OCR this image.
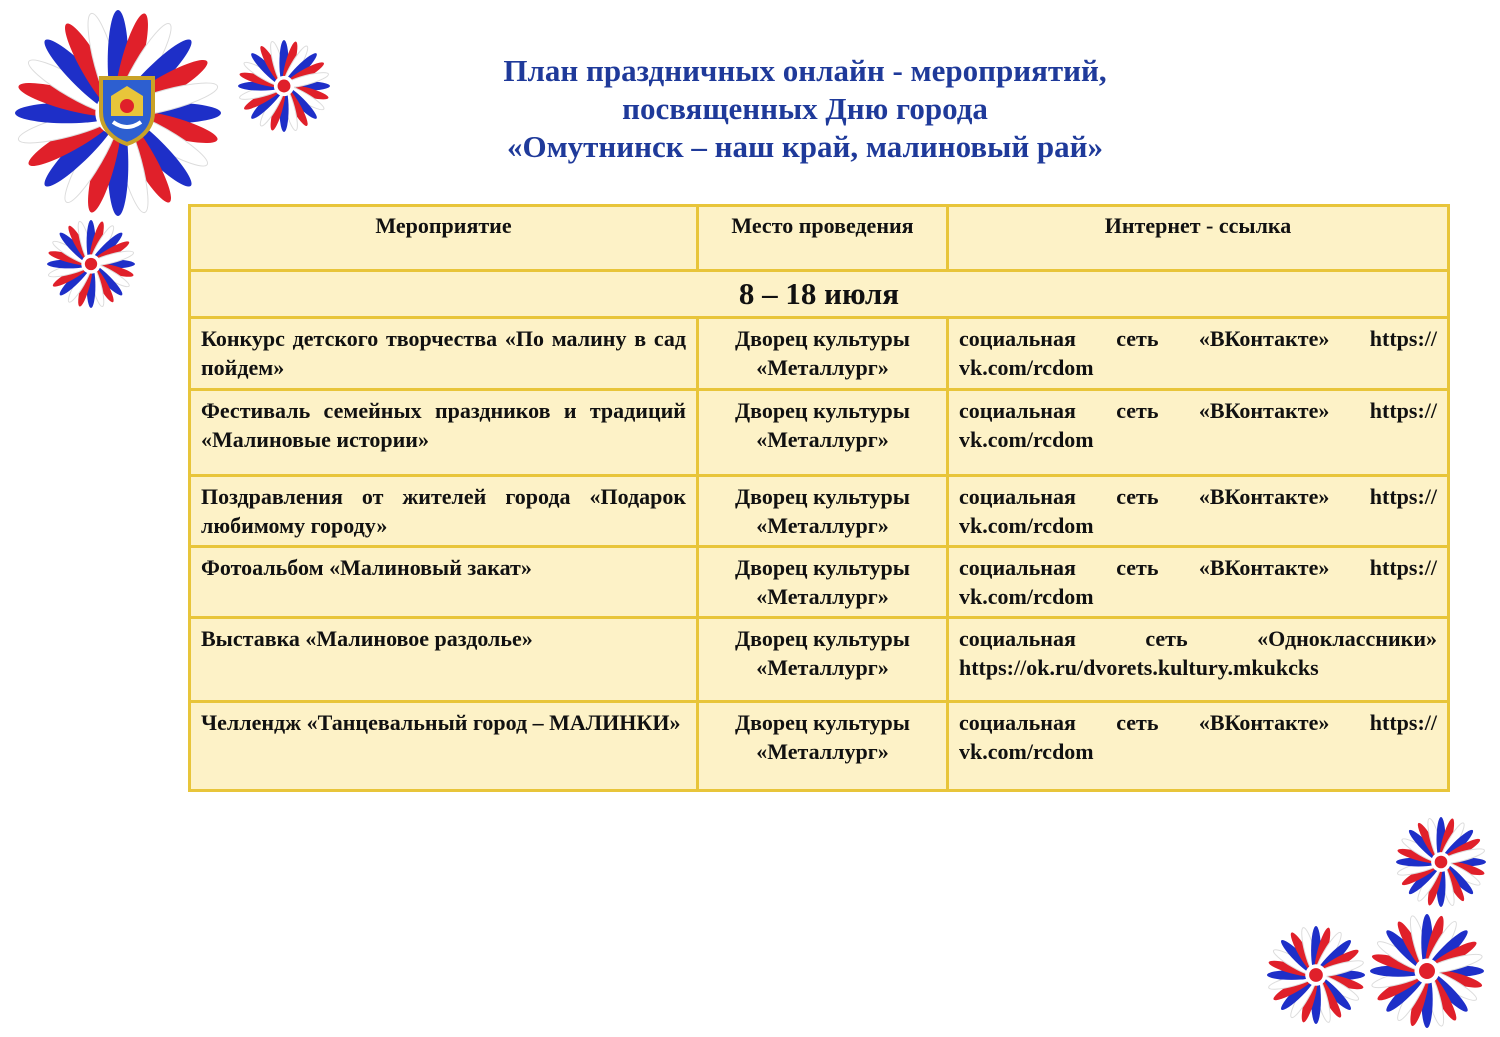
План праздничных онлайн - мероприятий,
посвященных Дню города
«Омутнинск – наш край, малиновый рай»
Мероприятие	Место проведения	Интернет - ссылка
8 – 18 июля		

Конкурс детского творчества «По малину в сад пойдем»	Дворец культуры «Металлург»	социальная сеть «ВКонтакте» https:// vk.com/rcdom

Фестиваль семейных праздников и традиций «Малиновые истории»	Дворец культуры «Металлург»	социальная сеть «ВКонтакте» https:// vk.com/rcdom

Поздравления от жителей города «Подарок любимому городу»	Дворец культуры «Металлург»	социальная сеть «ВКонтакте» https:// vk.com/rcdom

Фотоальбом «Малиновый закат»	Дворец культуры «Металлург»	социальная сеть «ВКонтакте» https:// vk.com/rcdom

Выставка «Малиновое раздолье»	Дворец культуры «Металлург»	социальная сеть «Одноклассники» https://ok.ru/dvorets.kultury.mkukcks

Челлендж «Танцевальный город – МАЛИНКИ»	Дворец культуры «Металлург»	социальная сеть «ВКонтакте» https:// vk.com/rcdom
